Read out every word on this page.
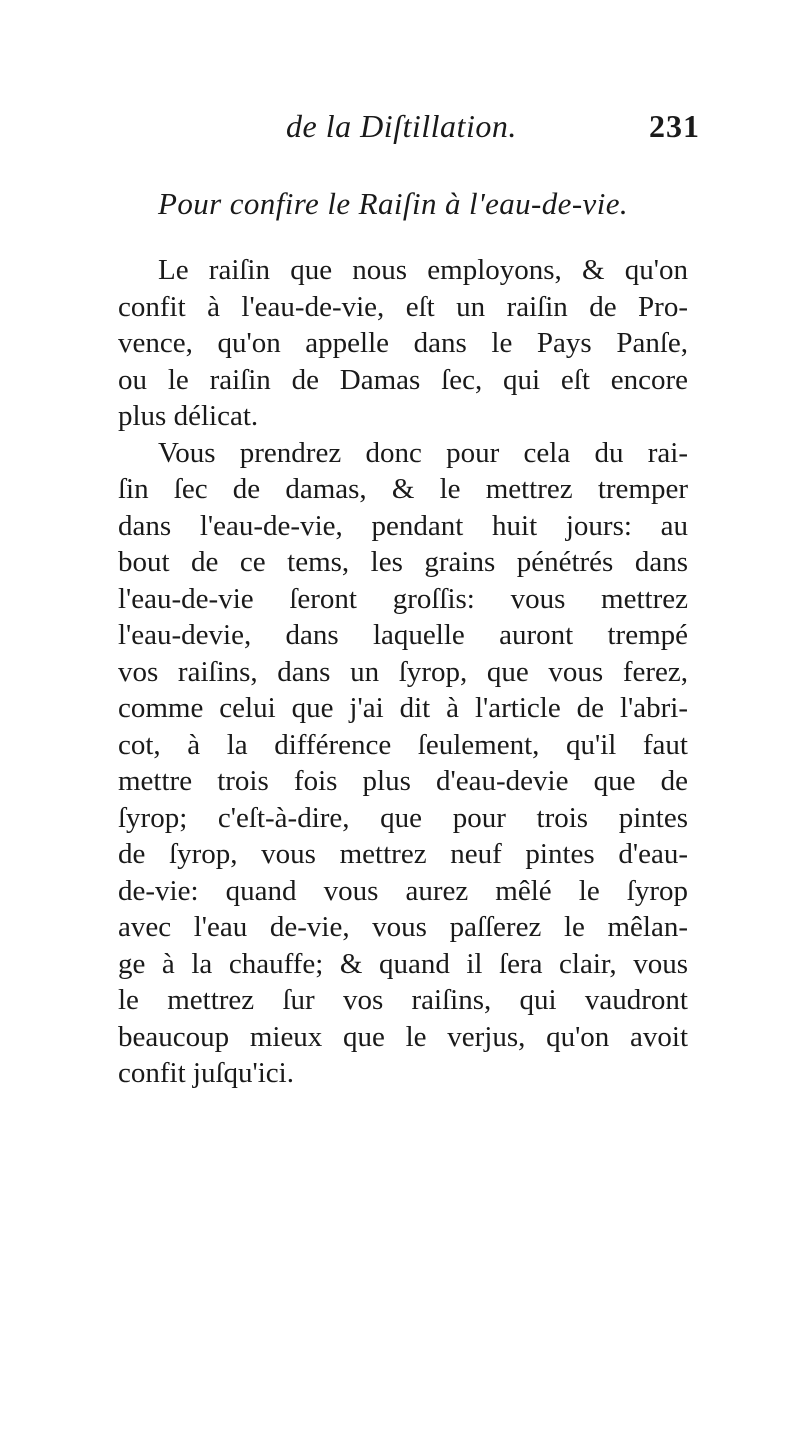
de la Diſtillation.	231
Pour confire le Raiſin à l'eau-de-vie.
Le raiſin que nous employons, & qu'on
confit à l'eau-de-vie, eſt un raiſin de Pro-
vence, qu'on appelle dans le Pays Panſe,
ou le raiſin de Damas ſec, qui eſt encore
plus délicat.
Vous prendrez donc pour cela du rai-
ſin ſec de damas, & le mettrez tremper
dans l'eau-de-vie, pendant huit jours: au
bout de ce tems, les grains pénétrés dans
l'eau-de-vie ſeront groſſis: vous mettrez
l'eau-devie, dans laquelle auront trempé
vos raiſins, dans un ſyrop, que vous ferez,
comme celui que j'ai dit à l'article de l'abri-
cot, à la différence ſeulement, qu'il faut
mettre trois fois plus d'eau-devie que de
ſyrop; c'eſt-à-dire, que pour trois pintes
de ſyrop, vous mettrez neuf pintes d'eau-
de-vie: quand vous aurez mêlé le ſyrop
avec l'eau de-vie, vous paſſerez le mêlan-
ge à la chauffe; & quand il ſera clair, vous
le mettrez ſur vos raiſins, qui vaudront
beaucoup mieux que le verjus, qu'on avoit
confit juſqu'ici.
